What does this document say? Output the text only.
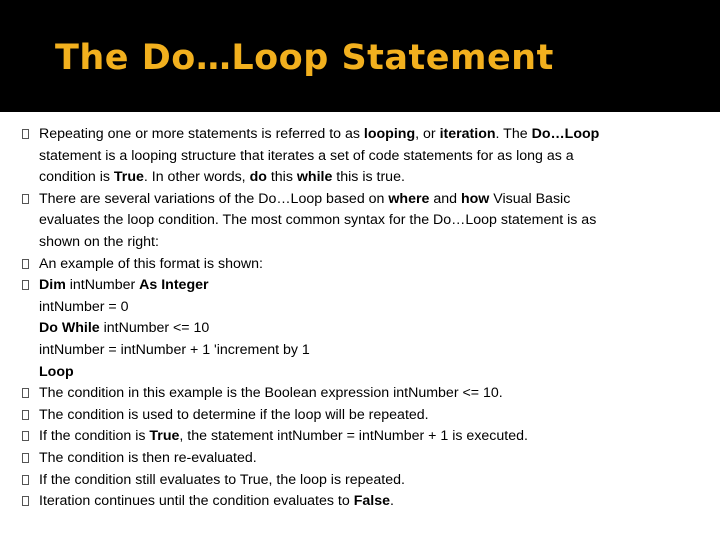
The Do…Loop Statement
Repeating one or more statements is referred to as looping, or iteration. The Do…Loop
statement is a looping structure that iterates a set of code statements for as long as a
condition is True. In other words, do this while this is true.
There are several variations of the Do…Loop based on where and how Visual Basic
evaluates the loop condition. The most common syntax for the Do…Loop statement is as
shown on the right:
An example of this format is shown:
Dim intNumber As Integer
intNumber = 0
Do While intNumber <= 10
intNumber = intNumber + 1 'increment by 1
Loop
The condition in this example is the Boolean expression intNumber <= 10.
The condition is used to determine if the loop will be repeated.
If the condition is True, the statement intNumber = intNumber + 1 is executed.
The condition is then re-evaluated.
If the condition still evaluates to True, the loop is repeated.
Iteration continues until the condition evaluates to False.
